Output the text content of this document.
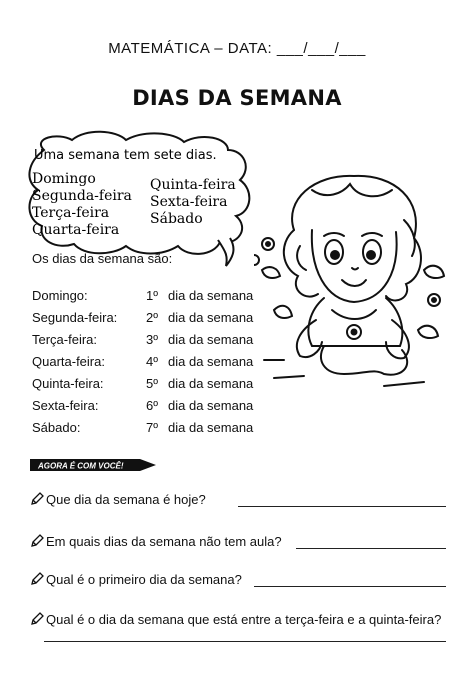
MATEMÁTICA – DATA: ___/___/___
DIAS DA SEMANA
Uma semana tem sete dias.
Domingo
Segunda-feira
Terça-feira
Quarta-feira
Quinta-feira
Sexta-feira
Sábado
Os dias da semana são:
Domingo:	1º dia da semana
Segunda-feira: 2º dia da semana
Terça-feira:	3º dia da semana
Quarta-feira:	4º dia da semana
Quinta-feira:	5º dia da semana
Sexta-feira:	6º dia da semana
Sábado:	7º dia da semana
AGORA É COM VOCÊ!
Que dia da semana é hoje?
Em quais dias da semana não tem aula?
Qual é o primeiro dia da semana?
Qual é o dia da semana que está entre a terça-feira e a quinta-feira?
